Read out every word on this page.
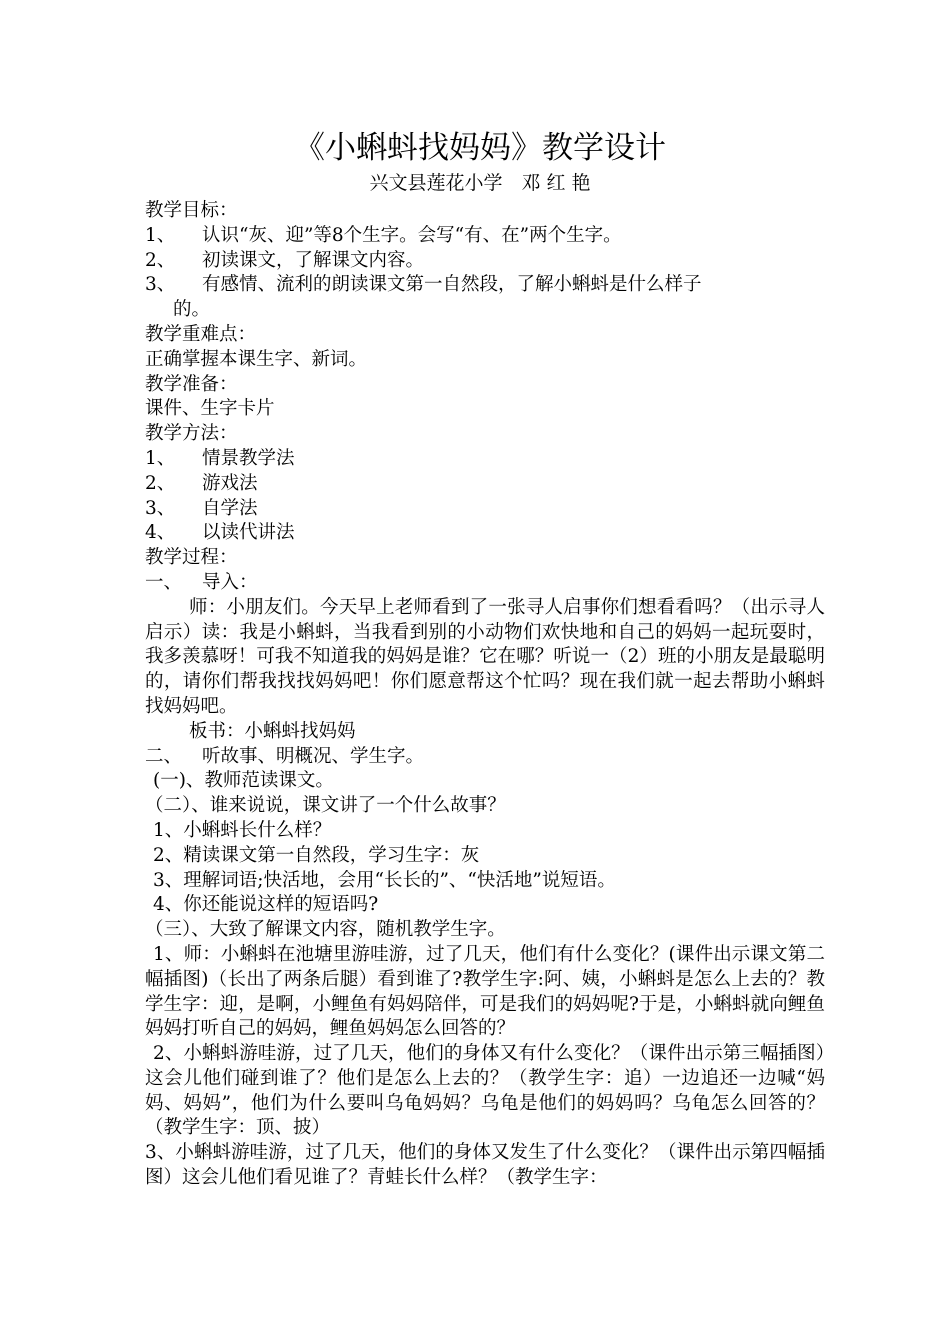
《小蝌蚪找妈妈》教学设计
兴文县莲花小学　邓 红 艳
教学目标：
1、 认识“灰、迎”等8个生字。会写“有、在”两个生字。
2、 初读课文，了解课文内容。
3、 有感情、流利的朗读课文第一自然段，了解小蝌蚪是什么样子
的。
教学重难点：
正确掌握本课生字、新词。
教学准备：
课件、生字卡片
教学方法：
1、 情景教学法
2、 游戏法
3、 自学法
4、 以读代讲法
教学过程：
一、 导入：
师：小朋友们。今天早上老师看到了一张寻人启事你们想看看吗？（出示寻人启示）读：我是小蝌蚪，当我看到别的小动物们欢快地和自己的妈妈一起玩耍时，我多羡慕呀！可我不知道我的妈妈是谁？它在哪？听说一（2）班的小朋友是最聪明的，请你们帮我找找妈妈吧！你们愿意帮这个忙吗？现在我们就一起去帮助小蝌蚪找妈妈吧。
板书：小蝌蚪找妈妈
二、 听故事、明概况、学生字。
(一)、教师范读课文。
（二）、谁来说说，课文讲了一个什么故事？
1、小蝌蚪长什么样？
2、精读课文第一自然段，学习生字：灰
3、理解词语;快活地，会用“长长的”、“快活地”说短语。
4、你还能说这样的短语吗?
（三）、大致了解课文内容，随机教学生字。
1、师：小蝌蚪在池塘里游哇游，过了几天，他们有什么变化？(课件出示课文第二幅插图)（长出了两条后腿）看到谁了?教学生字:阿、姨，小蝌蚪是怎么上去的？教学生字：迎，是啊，小鲤鱼有妈妈陪伴，可是我们的妈妈呢?于是，小蝌蚪就向鲤鱼妈妈打听自己的妈妈，鲤鱼妈妈怎么回答的？
2、小蝌蚪游哇游，过了几天，他们的身体又有什么变化？（课件出示第三幅插图）这会儿他们碰到谁了？他们是怎么上去的？（教学生字：追）一边追还一边喊“妈妈、妈妈”，他们为什么要叫乌龟妈妈？乌龟是他们的妈妈吗？乌龟怎么回答的？（教学生字：顶、披）
3、小蝌蚪游哇游，过了几天，他们的身体又发生了什么变化？（课件出示第四幅插图）这会儿他们看见谁了？青蛙长什么样？（教学生字：
